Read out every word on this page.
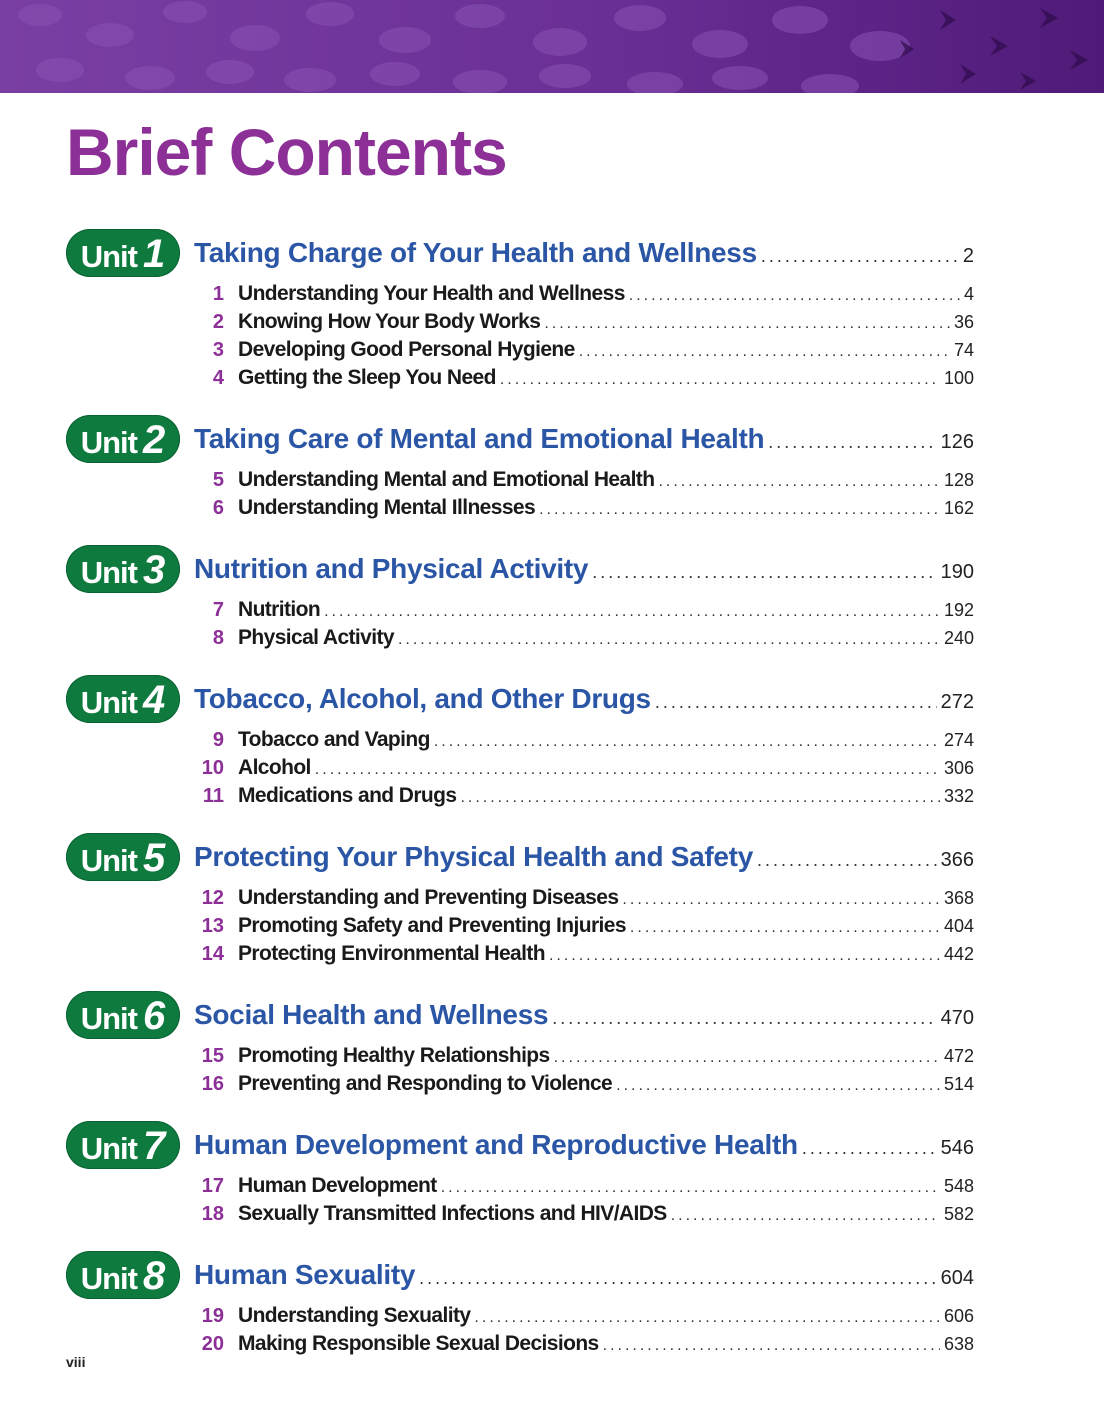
Brief Contents
Unit 1 Taking Charge of Your Health and Wellness .....	2
1 Understanding Your Health and Wellness .....	4
2 Knowing How Your Body Works .....	36
3 Developing Good Personal Hygiene .....	74
4 Getting the Sleep You Need .....	100
Unit 2 Taking Care of Mental and Emotional Health .....	126
5 Understanding Mental and Emotional Health .....	128
6 Understanding Mental Illnesses .....	162
Unit 3 Nutrition and Physical Activity .....	190
7 Nutrition .....	192
8 Physical Activity .....	240
Unit 4 Tobacco, Alcohol, and Other Drugs .....	272
9 Tobacco and Vaping .....	274
10 Alcohol .....	306
11 Medications and Drugs .....	332
Unit 5 Protecting Your Physical Health and Safety .....	366
12 Understanding and Preventing Diseases .....	368
13 Promoting Safety and Preventing Injuries .....	404
14 Protecting Environmental Health .....	442
Unit 6 Social Health and Wellness .....	470
15 Promoting Healthy Relationships .....	472
16 Preventing and Responding to Violence .....	514
Unit 7 Human Development and Reproductive Health .....	546
17 Human Development .....	548
18 Sexually Transmitted Infections and HIV/AIDS .....	582
Unit 8 Human Sexuality .....	604
19 Understanding Sexuality .....	606
20 Making Responsible Sexual Decisions .....	638
viii
